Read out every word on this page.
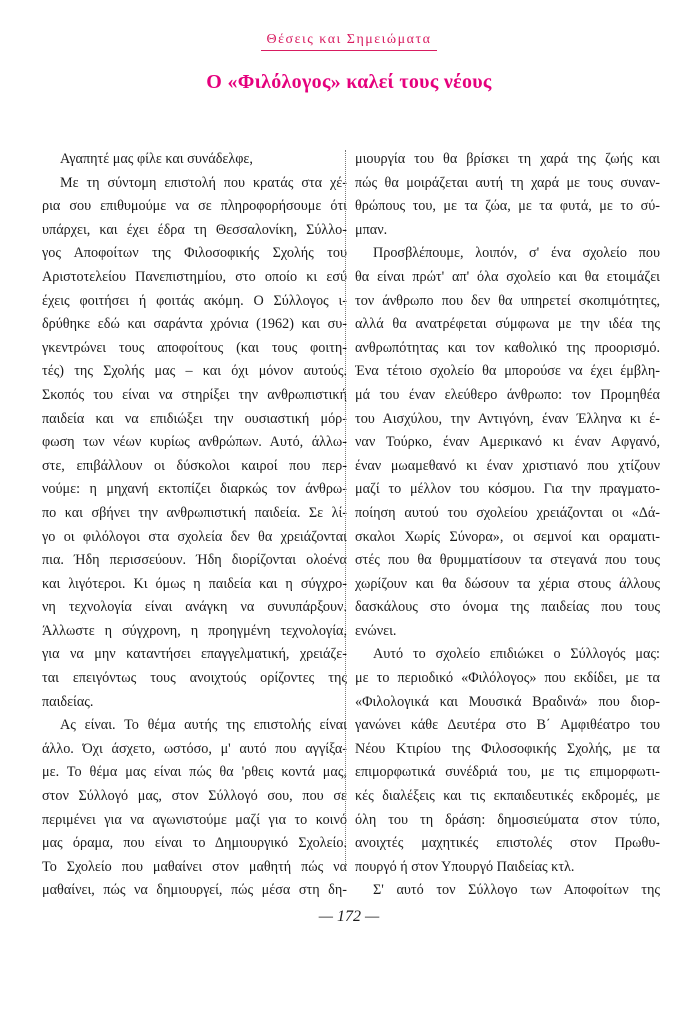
Θέσεις και Σημειώματα
Ο «Φιλόλογος» καλεί τους νέους
Αγαπητέ μας φίλε και συνάδελφε,
Με τη σύντομη επιστολή που κρατάς στα χέ-
ρια σου επιθυμούμε να σε πληροφορήσουμε ότι
υπάρχει, και έχει έδρα τη Θεσσαλονίκη, Σύλλο-
γος Αποφοίτων της Φιλοσοφικής Σχολής του
Αριστοτελείου Πανεπιστημίου, στο οποίο κι εσύ
έχεις φοιτήσει ή φοιτάς ακόμη. Ο Σύλλογος ι-
δρύθηκε εδώ και σαράντα χρόνια (1962) και συ-
γκεντρώνει τους αποφοίτους (και τους φοιτη-
τές) της Σχολής μας – και όχι μόνον αυτούς.
Σκοπός του είναι να στηρίξει την ανθρωπιστική
παιδεία και να επιδιώξει την ουσιαστική μόρ-
φωση των νέων κυρίως ανθρώπων. Αυτό, άλλω-
στε, επιβάλλουν οι δύσκολοι καιροί που περ-
νούμε: η μηχανή εκτοπίζει διαρκώς τον άνθρω-
πο και σβήνει την ανθρωπιστική παιδεία. Σε λί-
γο οι φιλόλογοι στα σχολεία δεν θα χρειάζονται
πια. Ήδη περισσεύουν. Ήδη διορίζονται ολοένα
και λιγότεροι. Κι όμως η παιδεία και η σύγχρο-
νη τεχνολογία είναι ανάγκη να συνυπάρξουν.
Άλλωστε η σύγχρονη, η προηγμένη τεχνολογία,
για να μην καταντήσει επαγγελματική, χρειάζε-
ται επειγόντως τους ανοιχτούς ορίζοντες της
παιδείας.
Ας είναι. Το θέμα αυτής της επιστολής είναι
άλλο. Όχι άσχετο, ωστόσο, μ' αυτό που αγγίξα-
με. Το θέμα μας είναι πώς θα 'ρθεις κοντά μας,
στον Σύλλογό μας, στον Σύλλογό σου, που σε
περιμένει για να αγωνιστούμε μαζί για το κοινό
μας όραμα, που είναι το Δημιουργικό Σχολείο.
Το Σχολείο που μαθαίνει στον μαθητή πώς να
μαθαίνει, πώς να δημιουργεί, πώς μέσα στη δη-
μιουργία του θα βρίσκει τη χαρά της ζωής και
πώς θα μοιράζεται αυτή τη χαρά με τους συναν-
θρώπους του, με τα ζώα, με τα φυτά, με το σύ-
μπαν.
Προσβλέπουμε, λοιπόν, σ' ένα σχολείο που
θα είναι πρώτ' απ' όλα σχολείο και θα ετοιμάζει
τον άνθρωπο που δεν θα υπηρετεί σκοπιμότητες,
αλλά θα ανατρέφεται σύμφωνα με την ιδέα της
ανθρωπότητας και τον καθολικό της προορισμό.
Ένα τέτοιο σχολείο θα μπορούσε να έχει έμβλη-
μά του έναν ελεύθερο άνθρωπο: τον Προμηθέα
του Αισχύλου, την Αντιγόνη, έναν Έλληνα κι έ-
ναν Τούρκο, έναν Αμερικανό κι έναν Αφγανό,
έναν μωαμεθανό κι έναν χριστιανό που χτίζουν
μαζί το μέλλον του κόσμου. Για την πραγματο-
ποίηση αυτού του σχολείου χρειάζονται οι «Δά-
σκαλοι Χωρίς Σύνορα», οι σεμνοί και οραματι-
στές που θα θρυμματίσουν τα στεγανά που τους
χωρίζουν και θα δώσουν τα χέρια στους άλλους
δασκάλους στο όνομα της παιδείας που τους
ενώνει.
Αυτό το σχολείο επιδιώκει ο Σύλλογός μας:
με το περιοδικό «Φιλόλογος» που εκδίδει, με τα
«Φιλολογικά και Μουσικά Βραδινά» που διορ-
γανώνει κάθε Δευτέρα στο Β΄ Αμφιθέατρο του
Νέου Κτιρίου της Φιλοσοφικής Σχολής, με τα
επιμορφωτικά συνέδριά του, με τις επιμορφωτι-
κές διαλέξεις και τις εκπαιδευτικές εκδρομές, με
όλη του τη δράση: δημοσιεύματα στον τύπο,
ανοιχτές μαχητικές επιστολές στον Πρωθυ-
πουργό ή στον Υπουργό Παιδείας κτλ.
Σ' αυτό τον Σύλλογο των Αποφοίτων της
— 172 —
